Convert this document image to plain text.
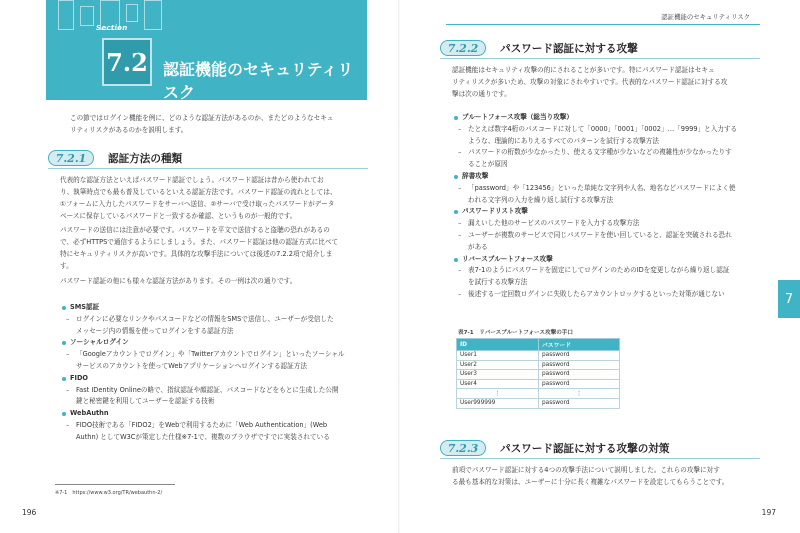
Section
7.2 認証機能のセキュリティリスク
この節ではログイン機能を例に、どのような認証方法があるのか、またどのようなセキュ
リティリスクがあるのかを説明します。
7.2.1	認証方法の種類
代表的な認証方法といえばパスワード認証でしょう。パスワード認証は昔から使われてお
り、執筆時点でも最も普及しているといえる認証方法です。パスワード認証の流れとしては、
①フォームに入力したパスワードをサーバへ送信、②サーバで受け取ったパスワードがデータ
ベースに保存しているパスワードと一致するか確認、というものが一般的です。
パスワードの送信には注意が必要です。パスワードを平文で送信すると盗聴の恐れがあるの
で、必ずHTTPSで通信するようにしましょう。また、パスワード認証は他の認証方式に比べて
特にセキュリティリスクが高いです。具体的な攻撃手法については後述の7.2.2項で紹介しま
す。
パスワード認証の他にも様々な認証方法があります。その一例は次の通りです。
SMS認証
– ログインに必要なリンクやパスコードなどの情報をSMSで送信し、ユーザーが受信した
メッセージ内の情報を使ってログインをする認証方法
ソーシャルログイン
– 「Googleアカウントでログイン」や「Twitterアカウントでログイン」といったソーシャル
サービスのアカウントを使ってWebアプリケーションへログインする認証方法
FIDO
– Fast IDentity Onlineの略で、指紋認証や顔認証、パスコードなどをもとに生成した公開
鍵と秘密鍵を利用してユーザーを認証する技術
WebAuthn
– FIDO技術である「FIDO2」をWebで利用するために「Web Authentication」(Web
Authn) としてW3Cが策定した仕様※7-1で、複数のブラウザですでに実装されている
※7-1　https://www.w3.org/TR/webauthn-2/
196
認証機能のセキュリティリスク
7.2.2	パスワード認証に対する攻撃
認証機能はセキュリティ攻撃の的にされることが多いです。特にパスワード認証はセキュ
リティリスクが多いため、攻撃の対象にされやすいです。代表的なパスワード認証に対する攻
撃は次の通りです。
ブルートフォース攻撃（総当り攻撃）
– たとえば数字4桁のパスコードに対して「0000」「0001」「0002」…「9999」と入力する
ような、理論的にありえるすべてのパターンを試行する攻撃方法
– パスワードの桁数が少なかったり、使える文字種が少ないなどの複雑性が少なかったりす
ることが原因
辞書攻撃
– 「password」や「123456」といった単純な文字列や人名、地名などパスワードによく使
われる文字列の入力を繰り返し試行する攻撃方法
パスワードリスト攻撃
– 漏えいした他のサービスのパスワードを入力する攻撃方法
– ユーザーが複数のサービスで同じパスワードを使い回していると、認証を突破される恐れ
がある
リバースブルートフォース攻撃
– 表7-1のようにパスワードを固定にしてログインのためのIDを変更しながら繰り返し認証
を試行する攻撃方法
– 後述する一定回数ログインに失敗したらアカウントロックするといった対策が通じない
表7-1　リバースブルートフォース攻撃の手口
ID	パスワード
User1	password
User2	password
User3	password
User4	password
⋮	⋮
User999999	password
7.2.3	パスワード認証に対する攻撃の対策
前項でパスワード認証に対する4つの攻撃手法について説明しました。これらの攻撃に対す
る最も基本的な対策は、ユーザーに十分に長く複雑なパスワードを設定してもらうことです。
7
197
